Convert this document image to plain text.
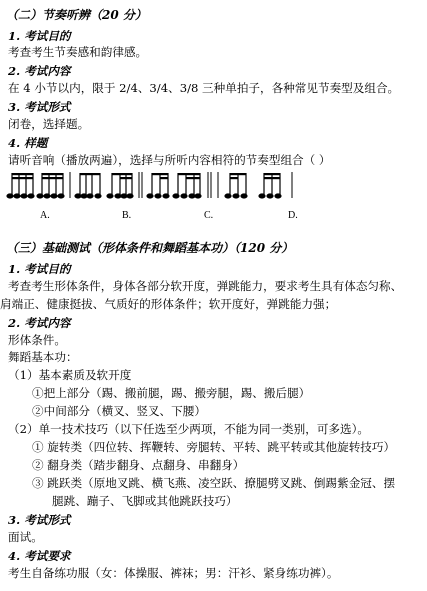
（二）节奏听辨（20 分）
1. 考试目的
考查考生节奏感和韵律感。
2. 考试内容
在 4 小节以内，限于 2/4、3/4、3/8 三种单拍子，各种常见节奏型及组合。
3. 考试形式
闭卷，选择题。
4. 样题
请听音响（播放两遍），选择与所听内容相符的节奏型组合（ ）
A.	B.	C.	D.
（三）基础测试（形体条件和舞蹈基本功）（120 分）
1. 考试目的
考查考生形体条件，身体各部分软开度，弹跳能力，要求考生具有体态匀称、
肩端正、健康挺拔、气质好的形体条件；软开度好，弹跳能力强；
2. 考试内容
形体条件。
舞蹈基本功：
（1）基本素质及软开度
①把上部分（踢、搬前腿，踢、搬旁腿，踢、搬后腿）
②中间部分（横叉、竖叉、下腰）
（2）单一技术技巧（以下任选至少两项，不能为同一类别，可多选）。
① 旋转类（四位转、挥鞭转、旁腿转、平转、跳平转或其他旋转技巧）
② 翻身类（踏步翻身、点翻身、串翻身）
③ 跳跃类（原地叉跳、横飞燕、凌空跃、撩腿劈叉跳、倒踢紫金冠、摆
腿跳、蹦子、飞脚或其他跳跃技巧）
3. 考试形式
面试。
4. 考试要求
考生自备练功服（女：体操服、裤袜；男：汗衫、紧身练功裤）。
